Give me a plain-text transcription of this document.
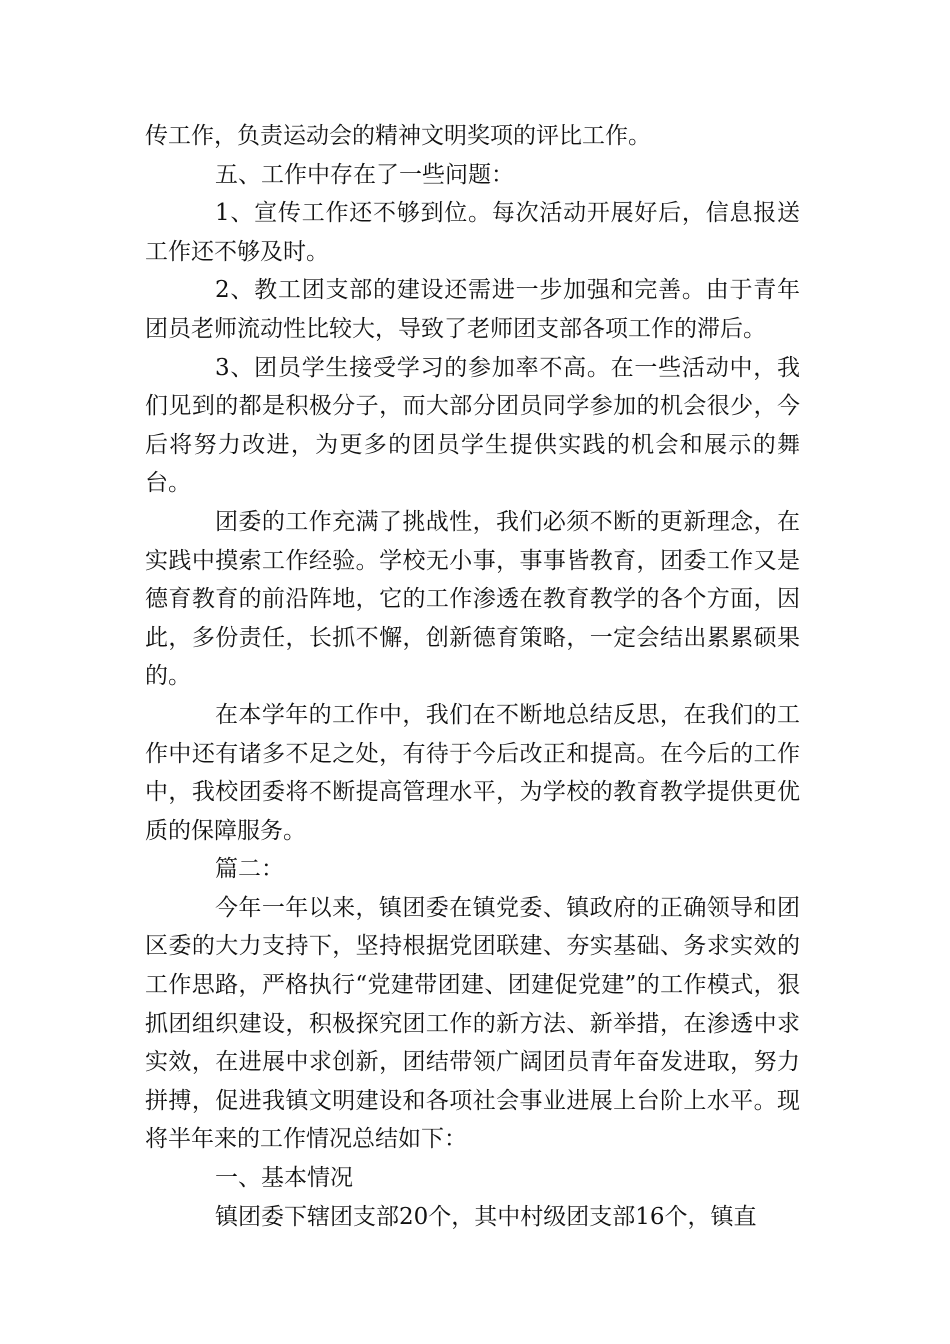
传工作，负责运动会的精神文明奖项的评比工作。

五、工作中存在了一些问题：

1、宣传工作还不够到位。每次活动开展好后，信息报送工作还不够及时。

2、教工团支部的建设还需进一步加强和完善。由于青年团员老师流动性比较大，导致了老师团支部各项工作的滞后。

3、团员学生接受学习的参加率不高。在一些活动中，我们见到的都是积极分子，而大部分团员同学参加的机会很少，今后将努力改进，为更多的团员学生提供实践的机会和展示的舞台。

团委的工作充满了挑战性，我们必须不断的更新理念，在实践中摸索工作经验。学校无小事，事事皆教育，团委工作又是德育教育的前沿阵地，它的工作渗透在教育教学的各个方面，因此，多份责任，长抓不懈，创新德育策略，一定会结出累累硕果的。

在本学年的工作中，我们在不断地总结反思，在我们的工作中还有诸多不足之处，有待于今后改正和提高。在今后的工作中，我校团委将不断提高管理水平，为学校的教育教学提供更优质的保障服务。

篇二：

今年一年以来，镇团委在镇党委、镇政府的正确领导和团区委的大力支持下，坚持根据党团联建、夯实基础、务求实效的工作思路，严格执行“党建带团建、团建促党建”的工作模式，狠抓团组织建设，积极探究团工作的新方法、新举措，在渗透中求实效，在进展中求创新，团结带领广阔团员青年奋发进取，努力拼搏，促进我镇文明建设和各项社会事业进展上台阶上水平。现将半年来的工作情况总结如下：

一、基本情况

镇团委下辖团支部20个，其中村级团支部16个，镇直
